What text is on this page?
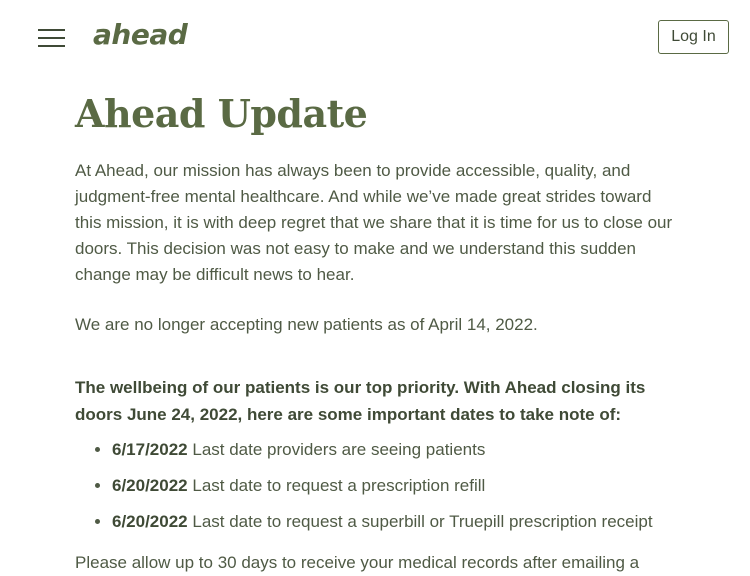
ahead	Log In
Ahead Update

At Ahead, our mission has always been to provide accessible, quality, and judgment-free mental healthcare. And while we’ve made great strides toward this mission, it is with deep regret that we share that it is time for us to close our doors. This decision was not easy to make and we understand this sudden change may be difficult news to hear.

We are no longer accepting new patients as of April 14, 2022.

The wellbeing of our patients is our top priority. With Ahead closing its doors June 24, 2022, here are some important dates to take note of:

• 6/17/2022 Last date providers are seeing patients
• 6/20/2022 Last date to request a prescription refill
• 6/20/2022 Last date to request a superbill or Truepill prescription receipt

Please allow up to 30 days to receive your medical records after emailing a
